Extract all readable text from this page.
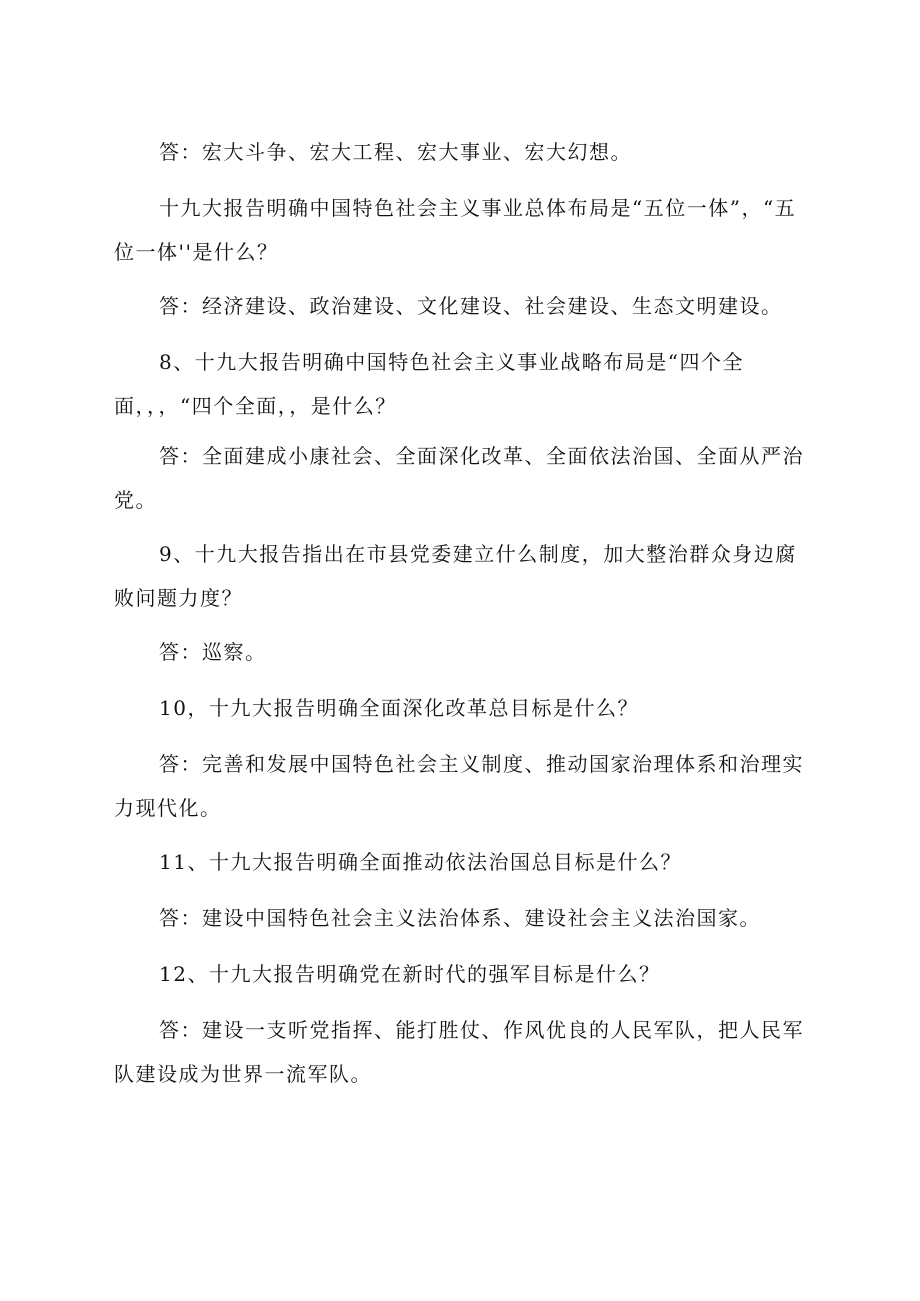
答：宏大斗争、宏大工程、宏大事业、宏大幻想。

十九大报告明确中国特色社会主义事业总体布局是“五位一体”，“五
位一体''是什么？

答：经济建设、政治建设、文化建设、社会建设、生态文明建设。

8、十九大报告明确中国特色社会主义事业战略布局是“四个全
面，，，“四个全面，，是什么？

答：全面建成小康社会、全面深化改革、全面依法治国、全面从严治
党。

9、十九大报告指出在市县党委建立什么制度，加大整治群众身边腐
败问题力度？

答：巡察。

10，十九大报告明确全面深化改革总目标是什么？

答：完善和发展中国特色社会主义制度、推动国家治理体系和治理实
力现代化。

11、十九大报告明确全面推动依法治国总目标是什么？

答：建设中国特色社会主义法治体系、建设社会主义法治国家。

12、十九大报告明确党在新时代的强军目标是什么？

答：建设一支听党指挥、能打胜仗、作风优良的人民军队，把人民军
队建设成为世界一流军队。
